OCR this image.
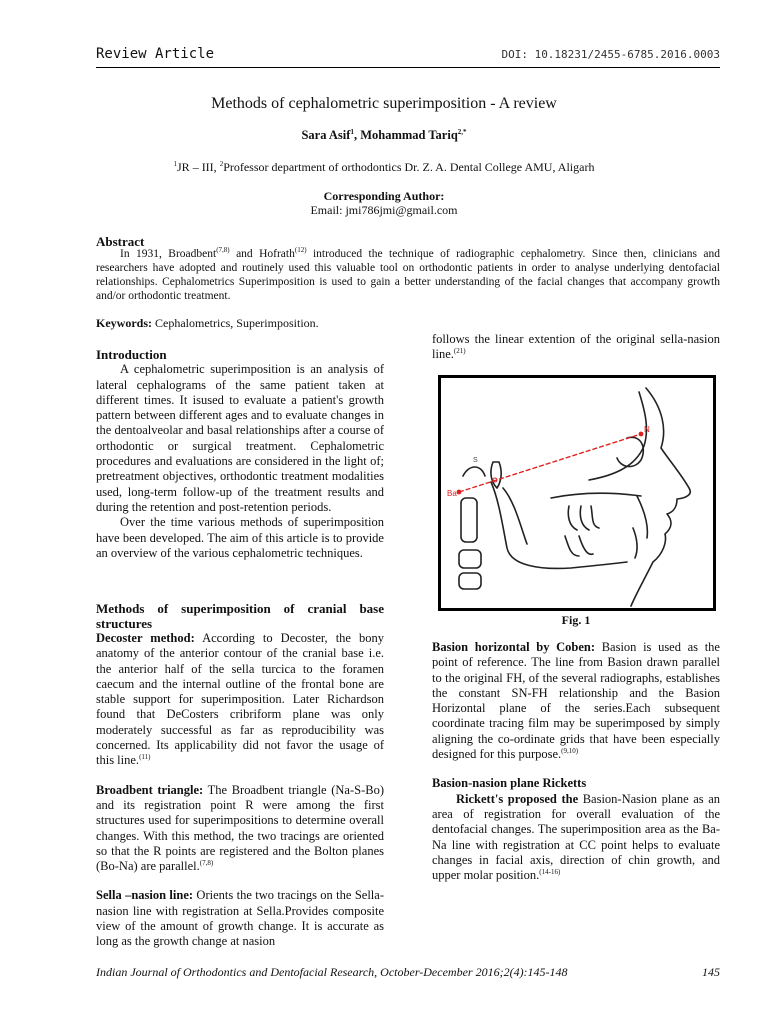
Review Article	DOI: 10.18231/2455-6785.2016.0003
Methods of cephalometric superimposition - A review
Sara Asif$^1$, Mohammad Tariq$^{2,*}$
$^1$JR – III, $^2$Professor department of orthodontics Dr. Z. A. Dental College AMU, Aligarh
Corresponding Author:
Email: jmi786jmi@gmail.com
Abstract
In 1931, Broadbent$^{(7,8)}$ and Hofrath$^{(12)}$ introduced the technique of radiographic cephalometry. Since then, clinicians and researchers have adopted and routinely used this valuable tool on orthodontic patients in order to analyse underlying dentofacial relationships. Cephalometrics Superimposition is used to gain a better understanding of the facial changes that accompany growth and/or orthodontic treatment.
Keywords: Cephalometrics, Superimposition.
Introduction

A cephalometric superimposition is an analysis of lateral cephalograms of the same patient taken at different times. It isused to evaluate a patient's growth pattern between different ages and to evaluate changes in the dentoalveolar and basal relationships after a course of orthodontic or surgical treatment. Cephalometric procedures and evaluations are considered in the light of; pretreatment objectives, orthodontic treatment modalities used, long-term follow-up of the treatment results and during the retention and post-retention periods.

Over the time various methods of superimposition have been developed. The aim of this article is to provide an overview of the various cephalometric techniques.

Methods of superimposition of cranial base structures

Decoster method: According to Decoster, the bony anatomy of the anterior contour of the cranial base i.e. the anterior half of the sella turcica to the foramen caecum and the internal outline of the frontal bone are stable support for superimposition. Later Richardson found that DeCosters cribriform plane was only moderately successful as far as reproducibility was concerned. Its applicability did not favor the usage of this line.$^{(11)}$

Broadbent triangle: The Broadbent triangle (Na-S-Bo) and its registration point R were among the first structures used for superimpositions to determine overall changes. With this method, the two tracings are oriented so that the R points are registered and the Bolton planes (Bo-Na) are parallel.$^{(7,8)}$

Sella –nasion line: Orients the two tracings on the Sella-nasion line with registration at Sella.Provides composite view of the amount of growth change. It is accurate as long as the growth change at nasion

follows the linear extention of the original sella-nasion line.$^{(21)}$

Ba
N
S
Fig. 1

Basion horizontal by Coben: Basion is used as the point of reference. The line from Basion drawn parallel to the original FH, of the several radiographs, establishes the constant SN-FH relationship and the Basion Horizontal plane of the series.Each subsequent coordinate tracing film may be superimposed by simply aligning the co-ordinate grids that have been especially designed for this purpose.$^{(9,10)}$

Basion-nasion plane Ricketts

Rickett's proposed the Basion-Nasion plane as an area of registration for overall evaluation of the dentofacial changes. The superimposition area as the Ba-Na line with registration at CC point helps to evaluate changes in facial axis, direction of chin growth, and upper molar position.$^{(14-16)}$

Indian Journal of Orthodontics and Dentofacial Research, October-December 2016;2(4):145-148	145
